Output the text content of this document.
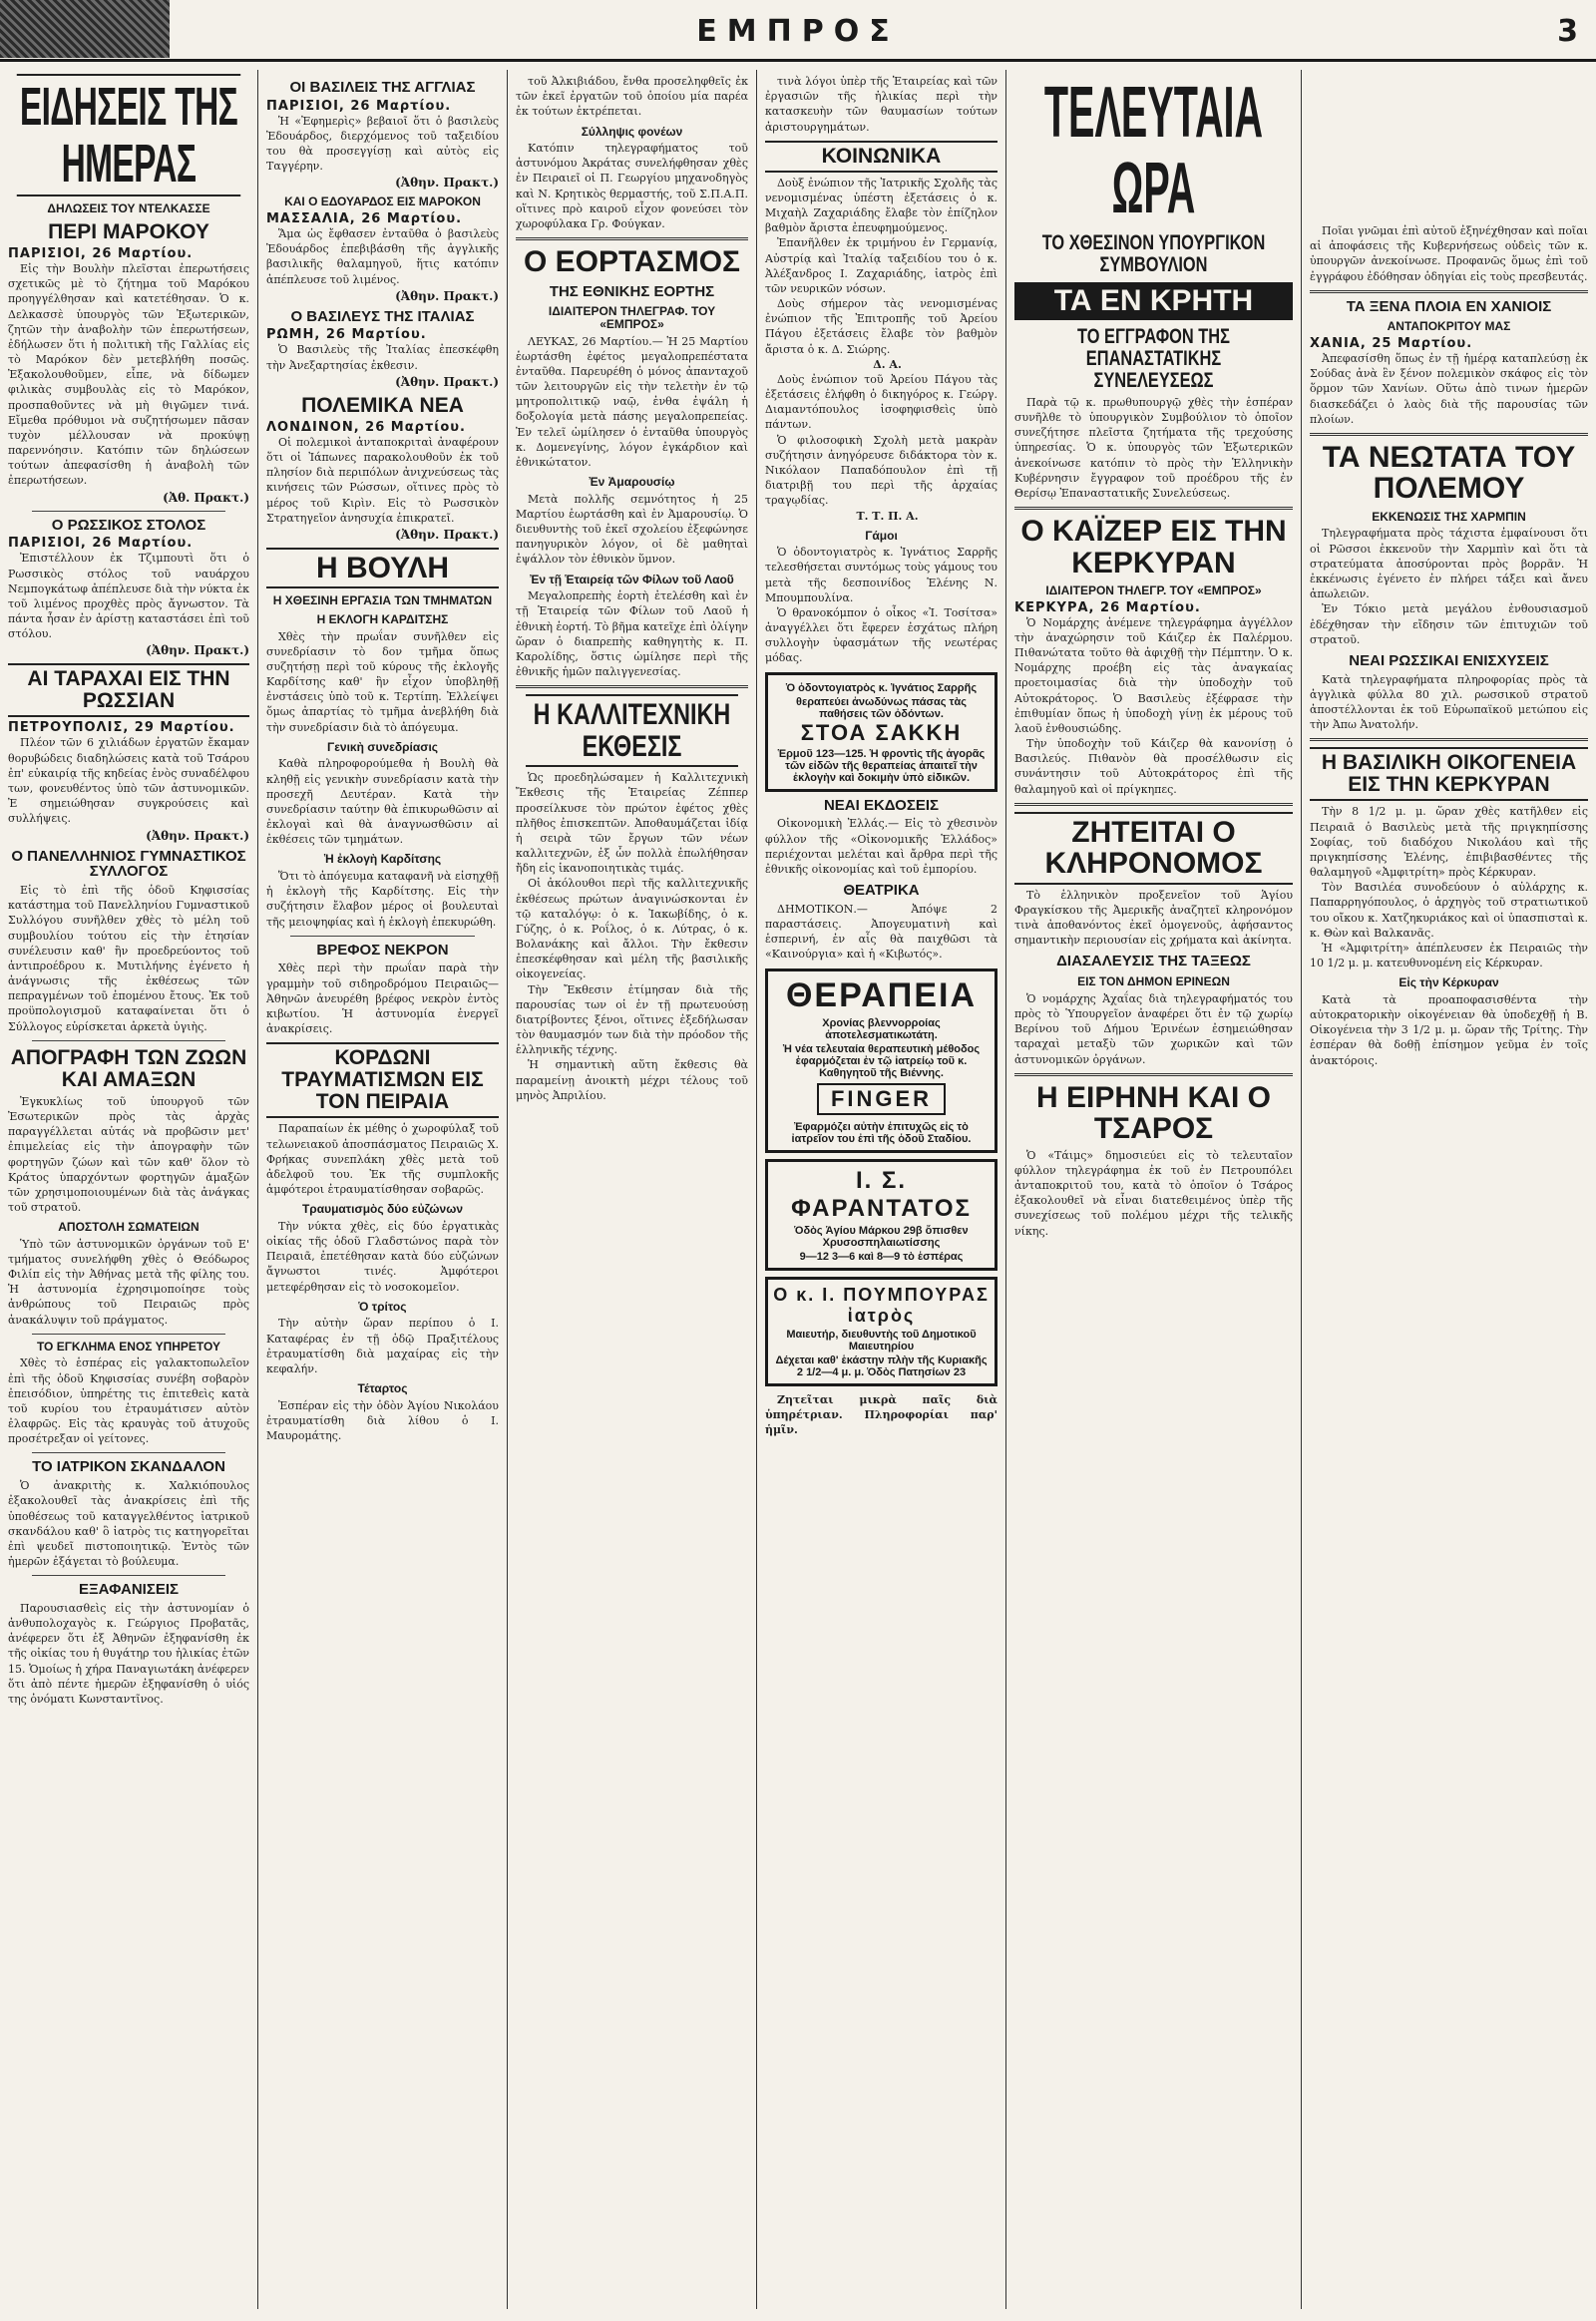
ΕΜΠΡΟΣ	3
ΕΙΔΗΣΕΙΣ ΤΗΣ ΗΜΕΡΑΣ
ΔΗΛΩΣΕΙΣ ΤΟΥ ΝΤΕΛΚΑΣΣΕ
ΠΕΡΙ ΜΑΡΟΚΟΥ
ΠΑΡΙΣΙΟΙ, 26 Μαρτίου.

Εἰς τὴν Βουλὴν πλεῖσται ἐπερωτήσεις σχετικῶς μὲ τὸ ζήτημα τοῦ Μαρόκου προηγγέλθησαν καὶ κατετέθησαν. Ὁ κ. Δελκασσὲ ὑπουργὸς τῶν Ἐξωτερικῶν, ζητῶν τὴν ἀναβολὴν τῶν ἐπερωτήσεων, ἐδήλωσεν ὅτι ἡ πολιτικὴ τῆς Γαλλίας εἰς τὸ Μαρόκον δὲν μετεβλήθη ποσῶς. Ἐξακολουθοῦμεν, εἶπε, νὰ δίδωμεν φιλικὰς συμβουλὰς εἰς τὸ Μαρόκον, προσπαθοῦντες νὰ μὴ θιγῶμεν τινά. Εἴμεθα πρόθυμοι νὰ συζητήσωμεν πᾶσαν τυχὸν μέλλουσαν νὰ προκύψῃ παρεννόησιν. Κατόπιν τῶν δηλώσεων τούτων ἀπεφασίσθη ἡ ἀναβολὴ τῶν ἐπερωτήσεων.

(Ἀθ. Πρακτ.)
Ο ΡΩΣΣΙΚΟΣ ΣΤΟΛΟΣ
ΠΑΡΙΣΙΟΙ, 26 Μαρτίου.

Ἐπιστέλλουν ἐκ Τζιμπουτὶ ὅτι ὁ Ρωσσικὸς στόλος τοῦ ναυάρχου Νεμπογκάτωφ ἀπέπλευσε διὰ τὴν νύκτα ἐκ τοῦ λιμένος προχθὲς πρὸς ἄγνωστον. Τὰ πάντα ἦσαν ἐν ἀρίστῃ καταστάσει ἐπὶ τοῦ στόλου.

(Ἀθην. Πρακτ.)
ΑΙ ΤΑΡΑΧΑΙ ΕΙΣ ΤΗΝ ΡΩΣΣΙΑΝ
ΠΕΤΡΟΥΠΟΛΙΣ, 29 Μαρτίου.

Πλέον τῶν 6 χιλιάδων ἐργατῶν ἔκαμαν θορυβώδεις διαδηλώσεις κατὰ τοῦ Τσάρου ἐπ' εὐκαιρίᾳ τῆς κηδείας ἑνὸς συναδέλφου των, φονευθέντος ὑπὸ τῶν ἀστυνομικῶν. Ἐ σημειώθησαν συγκρούσεις καὶ συλλήψεις.

(Ἀθην. Πρακτ.)
Ο ΠΑΝΕΛΛΗΝΙΟΣ ΓΥΜΝΑΣΤΙΚΟΣ ΣΥΛΛΟΓΟΣ

Εἰς τὸ ἐπὶ τῆς ὁδοῦ Κηφισσίας κατάστημα τοῦ Πανελληνίου Γυμναστικοῦ Συλλόγου συνῆλθεν χθὲς τὸ μέλη τοῦ συμβουλίου τούτου εἰς τὴν ἐτησίαν συνέλευσιν καθ' ἣν προεδρεύοντος τοῦ ἀντιπροέδρου κ. Μυτιλήνης ἐγένετο ἡ ἀνάγνωσις τῆς ἐκθέσεως τῶν πεπραγμένων τοῦ ἐπομένου ἔτους. Ἐκ τοῦ προϋπολογισμοῦ καταφαίνεται ὅτι ὁ Σύλλογος εὑρίσκεται ἀρκετὰ ὑγιὴς.

ΑΠΟΓΡΑΦΗ ΤΩΝ ΖΩΩΝ ΚΑΙ ΑΜΑΞΩΝ

Ἐγκυκλίως τοῦ ὑπουργοῦ τῶν Ἐσωτερικῶν πρὸς τὰς ἀρχὰς παραγγέλλεται αὐτάς νὰ προβῶσιν μετ' ἐπιμελείας εἰς τὴν ἀπογραφὴν τῶν φορτηγῶν ζώων καὶ τῶν καθ' ὅλον τὸ Κράτος ὑπαρχόντων φορτηγῶν ἁμαξῶν τῶν χρησιμοποιουμένων διὰ τὰς ἀνάγκας τοῦ στρατοῦ.

ΑΠΟΣΤΟΛΗ ΣΩΜΑΤΕΙΩΝ

Ὑπὸ τῶν ἀστυνομικῶν ὀργάνων τοῦ Ε' τμήματος συνελήφθη χθὲς ὁ Θεόδωρος Φιλίπ εἰς τὴν Ἀθήνας μετὰ τῆς φίλης του. Ἡ ἀστυνομία ἐχρησιμοποίησε τοὺς ἀνθρώπους τοῦ Πειραιῶς πρὸς ἀνακάλυψιν τοῦ πράγματος.

ΤΟ ΕΓΚΛΗΜΑ ΕΝΟΣ ΥΠΗΡΕΤΟΥ

Χθὲς τὸ ἑσπέρας εἰς γαλακτοπωλεῖον ἐπὶ τῆς ὁδοῦ Κηφισσίας συνέβη σοβαρὸν ἐπεισόδιον, ὑπηρέτης τις ἐπιτεθεὶς κατὰ τοῦ κυρίου του ἐτραυμάτισεν αὐτὸν ἐλαφρῶς. Εἰς τὰς κραυγὰς τοῦ ἀτυχοῦς προσέτρεξαν οἱ γείτονες.

ΤΟ ΙΑΤΡΙΚΟΝ ΣΚΑΝΔΑΛΟΝ

Ὁ ἀνακριτὴς κ. Χαλκιόπουλος ἐξακολουθεῖ τὰς ἀνακρίσεις ἐπὶ τῆς ὑποθέσεως τοῦ καταγγελθέντος ἰατρικοῦ σκανδάλου καθ' ὃ ἰατρὸς τις κατηγορεῖται ἐπὶ ψευδεῖ πιστοποιητικῷ. Ἐντὸς τῶν ἡμερῶν ἐξάγεται τὸ βούλευμα.

ΕΞΑΦΑΝΙΣΕΙΣ

Παρουσιασθεὶς εἰς τὴν ἀστυνομίαν ὁ ἀνθυπολοχαγὸς κ. Γεώργιος Προβατᾶς, ἀνέφερεν ὅτι ἐξ Ἀθηνῶν ἐξηφανίσθη ἐκ τῆς οἰκίας του ἡ θυγάτηρ του ἡλικίας ἐτῶν 15. Ὁμοίως ἡ χήρα Παναγιωτάκη ἀνέφερεν ὅτι ἀπὸ πέντε ἡμερῶν ἐξηφανίσθη ὁ υἱός της ὀνόματι Κωνσταντῖνος.

ΟΙ ΒΑΣΙΛΕΙΣ ΤΗΣ ΑΓΓΛΙΑΣ
ΠΑΡΙΣΙΟΙ, 26 Μαρτίου.

Ἡ «Ἐφημερὶς» βεβαιοῖ ὅτι ὁ βασιλεὺς Ἐδουάρδος, διερχόμενος τοῦ ταξειδίου του θὰ προσεγγίσῃ καὶ αὐτὸς εἰς Ταγγέρην.

(Ἀθην. Πρακτ.)
ΚΑΙ Ο ΕΔΟΥΑΡΔΟΣ ΕΙΣ ΜΑΡΟΚΟΝ
ΜΑΣΣΑΛΙΑ, 26 Μαρτίου.

Ἅμα ὡς ἔφθασεν ἐνταῦθα ὁ βασιλεὺς Ἐδουάρδος ἐπεβιβάσθη τῆς ἀγγλικῆς βασιλικῆς θαλαμηγοῦ, ἥτις κατόπιν ἀπέπλευσε τοῦ λιμένος.

(Ἀθην. Πρακτ.)
Ο ΒΑΣΙΛΕΥΣ ΤΗΣ ΙΤΑΛΙΑΣ
ΡΩΜΗ, 26 Μαρτίου.

Ὁ Βασιλεὺς τῆς Ἰταλίας ἐπεσκέφθη τὴν Ἀνεξαρτησίας ἐκθεσιν.

(Ἀθην. Πρακτ.)
ΠΟΛΕΜΙΚΑ ΝΕΑ
ΛΟΝΔΙΝΟΝ, 26 Μαρτίου.

Οἱ πολεμικοὶ ἀνταποκριταὶ ἀναφέρουν ὅτι οἱ Ἰάπωνες παρακολουθοῦν ἐκ τοῦ πλησίον διὰ περιπόλων ἀνιχνεύσεως τὰς κινήσεις τῶν Ρώσσων, οἵτινες πρὸς τὸ μέρος τοῦ Κιρὶν. Εἰς τὸ Ρωσσικὸν Στρατηγεῖον ἀνησυχία ἐπικρατεῖ.

(Ἀθην. Πρακτ.)
Η ΒΟΥΛΗ
Η ΧΘΕΣΙΝΗ ΕΡΓΑΣΙΑ ΤΩΝ ΤΜΗΜΑΤΩΝ
Η ΕΚΛΟΓΗ ΚΑΡΔΙΤΣΗΣ

Χθὲς τὴν πρωΐαν συνῆλθεν εἰς συνεδρίασιν τὸ δον τμῆμα ὅπως συζητήσῃ περὶ τοῦ κύρους τῆς ἐκλογῆς Καρδίτσης καθ' ἣν εἶχον ὑποβληθῇ ἐνστάσεις ὑπὸ τοῦ κ. Τερτίπη. Ἐλλείψει ὅμως ἀπαρτίας τὸ τμῆμα ἀνεβλήθη διὰ τὴν συνεδρίασιν διὰ τὸ ἀπόγευμα.

Γενικὴ συνεδρίασις

Καθὰ πληροφορούμεθα ἡ Βουλὴ θὰ κληθῇ εἰς γενικὴν συνεδρίασιν κατὰ τὴν προσεχῆ Δευτέραν. Κατὰ τὴν συνεδρίασιν ταύτην θὰ ἐπικυρωθῶσιν αἱ ἐκλογαὶ καὶ θὰ ἀναγνωσθῶσιν αἱ ἐκθέσεις τῶν τμημάτων.

Ἡ ἐκλογὴ Καρδίτσης

Ὅτι τὸ ἀπόγευμα καταφανῆ νὰ εἰσηχθῇ ἡ ἐκλογὴ τῆς Καρδίτσης. Εἰς τὴν συζήτησιν ἔλαβον μέρος οἱ βουλευταὶ τῆς μειοψηφίας καὶ ἡ ἐκλογὴ ἐπεκυρώθη.

ΒΡΕΦΟΣ ΝΕΚΡΟΝ

Χθὲς περὶ τὴν πρωΐαν παρὰ τὴν γραμμὴν τοῦ σιδηροδρόμου Πειραιῶς—Ἀθηνῶν ἀνευρέθη βρέφος νεκρὸν ἐντὸς κιβωτίου. Ἡ ἀστυνομία ἐνεργεῖ ἀνακρίσεις.

ΚΟΡΔΩΝΙ ΤΡΑΥΜΑΤΙΣΜΩΝ ΕΙΣ ΤΟΝ ΠΕΙΡΑΙΑ

Παραπαίων ἐκ μέθης ὁ χωροφύλαξ τοῦ τελωνειακοῦ ἀποσπάσματος Πειραιῶς Χ. Φρήκας συνεπλάκη χθὲς μετὰ τοῦ ἀδελφοῦ του. Ἐκ τῆς συμπλοκῆς ἀμφότεροι ἐτραυματίσθησαν σοβαρῶς.

Τραυματισμὸς δύο εὐζώνων

Τὴν νύκτα χθὲς, εἰς δύο ἐργατικὰς οἰκίας τῆς ὁδοῦ Γλαδστώνος παρὰ τὸν Πειραιᾶ, ἐπετέθησαν κατὰ δύο εὐζώνων ἄγνωστοι τινές. Ἀμφότεροι μετεφέρθησαν εἰς τὸ νοσοκομεῖον.

Ὁ τρίτος

Τὴν αὐτὴν ὥραν περίπου ὁ Ι. Καταφέρας ἐν τῇ ὁδῷ Πραξιτέλους ἐτραυματίσθη διὰ μαχαίρας εἰς τὴν κεφαλήν.

Τέταρτος

Ἐσπέραν εἰς τὴν ὁδὸν Ἀγίου Νικολάου ἐτραυματίσθη διὰ λίθου ὁ Ι. Μαυρομάτης.

τοῦ Ἀλκιβιάδου, ἔνθα προσεληφθεῖς ἐκ τῶν ἐκεῖ ἐργατῶν τοῦ ὁποίου μία παρέα ἐκ τούτων ἐκτρέπεται.

Σύλληψις φονέων

Κατόπιν τηλεγραφήματος τοῦ ἀστυνόμου Ἀκράτας συνελήφθησαν χθὲς ἐν Πειραιεῖ οἱ Π. Γεωργίου μηχανοδηγὸς καὶ Ν. Κρητικὸς θερμαστής, τοῦ Σ.Π.Α.Π. οἵτινες πρὸ καιροῦ εἶχον φονεύσει τὸν χωροφύλακα Γρ. Φούγκαν.

Ο ΕΟΡΤΑΣΜΟΣ
ΤΗΣ ΕΘΝΙΚΗΣ ΕΟΡΤΗΣ
ΙΔΙΑΙΤΕΡΟΝ ΤΗΛΕΓΡΑΦ. ΤΟΥ «ΕΜΠΡΟΣ»

ΛΕΥΚΑΣ, 26 Μαρτίου.— Ἡ 25 Μαρτίου ἑωρτάσθη ἐφέτος μεγαλοπρεπέστατα ἐνταῦθα. Παρευρέθη ὁ μόνος ἀπανταχοῦ τῶν λειτουργῶν εἰς τὴν τελετὴν ἐν τῷ μητροπολιτικῷ ναῷ, ἐνθα ἐψάλη ἡ δοξολογία μετὰ πάσης μεγαλοπρεπείας. Ἐν τελεῖ ὡμίλησεν ὁ ἐνταῦθα ὑπουργὸς κ. Δομενεγίνης, λόγον ἐγκάρδιον καὶ ἐθνικώτατον.

Ἐν Ἀμαρουσίῳ

Μετὰ πολλῆς σεμνότητος ἡ 25 Μαρτίου ἑωρτάσθη καὶ ἐν Ἀμαρουσίῳ. Ὁ διευθυντὴς τοῦ ἐκεῖ σχολείου ἐξεφώνησε πανηγυρικὸν λόγον, οἱ δὲ μαθηταὶ ἐψάλλον τὸν ἐθνικὸν ὕμνον.

Ἐν τῇ Ἑταιρείᾳ τῶν Φίλων τοῦ Λαοῦ

Μεγαλοπρεπὴς ἑορτὴ ἐτελέσθη καὶ ἐν τῇ Ἑταιρείᾳ τῶν Φίλων τοῦ Λαοῦ ἡ ἐθνικὴ ἑορτή. Τὸ βῆμα κατεῖχε ἐπὶ ὀλίγην ὥραν ὁ διαπρεπὴς καθηγητὴς κ. Π. Καρολίδης, ὅστις ὡμίλησε περὶ τῆς ἐθνικῆς ἡμῶν παλιγγενεσίας.

Η ΚΑΛΛΙΤΕΧΝΙΚΗ ΕΚΘΕΣΙΣ

Ὡς προεδηλώσαμεν ἡ Καλλιτεχνικὴ Ἔκθεσις τῆς Ἑταιρείας Ζέππερ προσείλκυσε τὸν πρώτον ἐφέτος χθὲς πλῆθος ἐπισκεπτῶν. Ἀποθαυμάζεται ἰδίᾳ ἡ σειρὰ τῶν ἔργων τῶν νέων καλλιτεχνῶν, ἐξ ὧν πολλὰ ἐπωλήθησαν ἤδη εἰς ἱκανοποιητικὰς τιμάς.

Οἱ ἀκόλουθοι περὶ τῆς καλλιτεχνικῆς ἐκθέσεως πρώτων ἀναγινώσκονται ἐν τῷ καταλόγῳ: ὁ κ. Ἰακωβίδης, ὁ κ. Γύζης, ὁ κ. Ροΐλος, ὁ κ. Λύτρας, ὁ κ. Βολανάκης καὶ ἄλλοι. Τὴν ἔκθεσιν ἐπεσκέφθησαν καὶ μέλη τῆς βασιλικῆς οἰκογενείας.

Τὴν Ἔκθεσιν ἐτίμησαν διὰ τῆς παρουσίας των οἱ ἐν τῇ πρωτευούσῃ διατρίβοντες ξένοι, οἵτινες ἐξεδήλωσαν τὸν θαυμασμόν των διὰ τὴν πρόοδον τῆς ἑλληνικῆς τέχνης.

Ἡ σημαντικὴ αὕτη ἔκθεσις θὰ παραμείνῃ ἀνοικτὴ μέχρι τέλους τοῦ μηνὸς Ἀπριλίου.

τινὰ λόγοι ὑπὲρ τῆς Ἑταιρείας καὶ τῶν ἐργασιῶν τῆς ἡλικίας περὶ τὴν κατασκευὴν τῶν θαυμασίων τούτων ἀριστουργημάτων.

ΚΟΙΝΩΝΙΚΑ

Δοὺξ ἐνώπιον τῆς Ἰατρικῆς Σχολῆς τὰς νενομισμένας ὑπέστη ἐξετάσεις ὁ κ. Μιχαὴλ Ζαχαριάδης ἔλαβε τὸν ἐπίζηλον βαθμὸν ἄριστα ἐπευφημούμενος.

Ἐπανῆλθεν ἐκ τριμήνου ἐν Γερμανίᾳ, Αὐστρίᾳ καὶ Ἰταλίᾳ ταξειδίου του ὁ κ. Ἀλέξανδρος Ι. Ζαχαριάδης, ἰατρὸς ἐπὶ τῶν νευρικῶν νόσων.

Δοὺς σήμερον τὰς νενομισμένας ἐνώπιον τῆς Ἐπιτροπῆς τοῦ Ἀρείου Πάγου ἐξετάσεις ἔλαβε τὸν βαθμὸν ἄριστα ὁ κ. Δ. Σιώρης.

Δ. Α.

Δοὺς ἐνώπιον τοῦ Ἀρείου Πάγου τὰς ἐξετάσεις ἐλήφθη ὁ δικηγόρος κ. Γεώργ. Διαμαντόπουλος ἰσοφηφισθεὶς ὑπὸ πάντων.

Ὁ φιλοσοφικὴ Σχολὴ μετὰ μακρὰν συζήτησιν ἀνηγόρευσε διδάκτορα τὸν κ. Νικόλαον Παπαδόπουλον ἐπὶ τῇ διατριβῇ του περὶ τῆς ἀρχαίας τραγῳδίας.

Τ. Τ. Π. Α.
Γάμοι

Ὁ ὀδοντογιατρὸς κ. Ἰγνάτιος Σαρρῆς τελεσθήσεται συντόμως τοὺς γάμους του μετὰ τῆς δεσποινίδος Ἑλένης Ν. Μπουμπουλίνα.

Ὁ θρανοκόμπον ὁ οἶκος «Ἰ. Τοσίτσα» ἀναγγέλλει ὅτι ἔφερεν ἐσχάτως πλήρη συλλογὴν ὑφασμάτων τῆς νεωτέρας μόδας.

Ὁ ὀδοντογιατρὸς κ. Ἰγνάτιος Σαρρῆς
θεραπεύει ἀνωδύνως πάσας τὰς παθήσεις τῶν ὀδόντων.
ΣΤΟΑ ΣΑΚΚΗ
Ἑρμοῦ 123—125. Ἡ φροντὶς τῆς ἀγορᾶς τῶν εἰδῶν τῆς θεραπείας ἀπαιτεῖ τὴν ἐκλογὴν καὶ δοκιμὴν ὑπὸ εἰδικῶν.
ΝΕΑΙ ΕΚΔΟΣΕΙΣ

Οἰκονομικὴ Ἐλλάς.— Εἰς τὸ χθεσινὸν φύλλον τῆς «Οἰκονομικῆς Ἑλλάδος» περιέχονται μελέται καὶ ἄρθρα περὶ τῆς ἐθνικῆς οἰκονομίας καὶ τοῦ ἐμπορίου.

ΘΕΑΤΡΙΚΑ

ΔΗΜΟΤΙΚΟΝ.— Ἀπόψε 2 παραστάσεις. Ἀπογευματινὴ καὶ ἑσπερινή, ἐν αἷς θὰ παιχθῶσι τὰ «Καινούργια» καὶ ἡ «Κιβωτός».

ΘΕΡΑΠΕΙΑ
Χρονίας βλεννορροίας ἀποτελεσματικωτάτη.
Ἡ νέα τελευταία θεραπευτικὴ μέθοδος ἐφαρμόζεται ἐν τῷ ἰατρείῳ τοῦ κ. Καθηγητοῦ τῆς Βιέννης.
FINGER
Ἐφαρμόζει αὐτὴν ἐπιτυχῶς εἰς τὸ ἰατρεῖον του ἐπὶ τῆς ὁδοῦ Σταδίου.
Ι. Σ. ΦΑΡΑΝΤΑΤΟΣ
Ὁδὸς Ἁγίου Μάρκου 29β ὄπισθεν Χρυσοσπηλαιωτίσσης
9—12 3—6 καὶ 8—9 τὸ ἑσπέρας
Ο κ. Ι. ΠΟΥΜΠΟΥΡΑΣ ἰατρὸς
Μαιευτήρ, διευθυντὴς τοῦ Δημοτικοῦ Μαιευτηρίου
Δέχεται καθ' ἑκάστην πλὴν τῆς Κυριακῆς 2 1/2—4 μ. μ. Ὁδὸς Πατησίων 23

Ζητεῖται μικρὰ παῖς διὰ ὑπηρέτριαν. Πληροφορίαι παρ' ἡμῖν.

ΤΕΛΕΥΤΑΙΑ ΩΡΑ
ΤΟ ΧΘΕΣΙΝΟΝ ΥΠΟΥΡΓΙΚΟΝ ΣΥΜΒΟΥΛΙΟΝ
ΤΑ ΕΝ ΚΡΗΤΗ
ΤΟ ΕΓΓΡΑΦΟΝ ΤΗΣ ΕΠΑΝΑΣΤΑΤΙΚΗΣ ΣΥΝΕΛΕΥΣΕΩΣ

Παρὰ τῷ κ. πρωθυπουργῷ χθὲς τὴν ἑσπέραν συνῆλθε τὸ ὑπουργικὸν Συμβούλιον τὸ ὁποῖον συνεζήτησε πλεῖστα ζητήματα τῆς τρεχούσης ὑπηρεσίας. Ὁ κ. ὑπουργὸς τῶν Ἐξωτερικῶν ἀνεκοίνωσε κατόπιν τὸ πρὸς τὴν Ἑλληνικὴν Κυβέρνησιν ἔγγραφον τοῦ προέδρου τῆς ἐν Θερίσῳ Ἐπαναστατικῆς Συνελεύσεως.

Ο ΚΑΪΖΕΡ ΕΙΣ ΤΗΝ ΚΕΡΚΥΡΑΝ
ΙΔΙΑΙΤΕΡΟΝ ΤΗΛΕΓΡ. ΤΟΥ «ΕΜΠΡΟΣ»
ΚΕΡΚΥΡΑ, 26 Μαρτίου.

Ὁ Νομάρχης ἀνέμενε τηλεγράφημα ἀγγέλλον τὴν ἀναχώρησιν τοῦ Κάιζερ ἐκ Παλέρμου. Πιθανώτατα τοῦτο θὰ ἀφιχθῇ τὴν Πέμπτην. Ὁ κ. Νομάρχης προέβη εἰς τὰς ἀναγκαίας προετοιμασίας διὰ τὴν ὑποδοχὴν τοῦ Αὐτοκράτορος. Ὁ Βασιλεὺς ἐξέφρασε τὴν ἐπιθυμίαν ὅπως ἡ ὑποδοχὴ γίνῃ ἐκ μέρους τοῦ λαοῦ ἐνθουσιώδης.

Τὴν ὑποδοχὴν τοῦ Κάιζερ θὰ κανονίσῃ ὁ Βασιλεύς. Πιθανὸν θὰ προσέλθωσιν εἰς συνάντησιν τοῦ Αὐτοκράτορος ἐπὶ τῆς θαλαμηγοῦ καὶ οἱ πρίγκηπες.

ΖΗΤΕΙΤΑΙ Ο ΚΛΗΡΟΝΟΜΟΣ

Τὸ ἑλληνικὸν προξενεῖον τοῦ Ἁγίου Φραγκίσκου τῆς Ἀμερικῆς ἀναζητεῖ κληρονόμον τινὰ ἀποθανόντος ἐκεῖ ὁμογενοῦς, ἀφήσαντος σημαντικὴν περιουσίαν εἰς χρήματα καὶ ἀκίνητα.

ΔΙΑΣΑΛΕΥΣΙΣ ΤΗΣ ΤΑΞΕΩΣ
ΕΙΣ ΤΟΝ ΔΗΜΟΝ ΕΡΙΝΕΩΝ

Ὁ νομάρχης Ἀχαΐας διὰ τηλεγραφήματός του πρὸς τὸ Ὑπουργεῖον ἀναφέρει ὅτι ἐν τῷ χωρίῳ Βερίνου τοῦ Δήμου Ἐρινέων ἐσημειώθησαν ταραχαὶ μεταξὺ τῶν χωρικῶν καὶ τῶν ἀστυνομικῶν ὀργάνων.

Η ΕΙΡΗΝΗ ΚΑΙ Ο ΤΣΑΡΟΣ

Ὁ «Τάιμς» δημοσιεύει εἰς τὸ τελευταῖον φύλλον τηλεγράφημα ἐκ τοῦ ἐν Πετρουπόλει ἀνταποκριτοῦ του, κατὰ τὸ ὁποῖον ὁ Τσάρος ἐξακολουθεῖ νὰ εἶναι διατεθειμένος ὑπὲρ τῆς συνεχίσεως τοῦ πολέμου μέχρι τῆς τελικῆς νίκης.

Ποῖαι γνῶμαι ἐπὶ αὐτοῦ ἐξηνέχθησαν καὶ ποῖαι αἱ ἀποφάσεις τῆς Κυβερνήσεως οὐδεὶς τῶν κ. ὑπουργῶν ἀνεκοίνωσε. Προφανῶς ὅμως ἐπὶ τοῦ ἐγγράφου ἐδόθησαν ὁδηγίαι εἰς τοὺς πρεσβευτάς.

ΤΑ ΞΕΝΑ ΠΛΟΙΑ ΕΝ ΧΑΝΙΟΙΣ
ΑΝΤΑΠΟΚΡΙΤΟΥ ΜΑΣ
ΧΑΝΙΑ, 25 Μαρτίου.

Ἀπεφασίσθη ὅπως ἐν τῇ ἡμέρᾳ καταπλεύσῃ ἐκ Σούδας ἀνὰ ἓν ξένον πολεμικὸν σκάφος εἰς τὸν ὅρμον τῶν Χανίων. Οὕτω ἀπὸ τινων ἡμερῶν διασκεδάζει ὁ λαὸς διὰ τῆς παρουσίας τῶν πλοίων.

ΤΑ ΝΕΩΤΑΤΑ ΤΟΥ ΠΟΛΕΜΟΥ
ΕΚΚΕΝΩΣΙΣ ΤΗΣ ΧΑΡΜΠΙΝ

Τηλεγραφήματα πρὸς τάχιστα ἐμφαίνουσι ὅτι οἱ Ρῶσσοι ἐκκενοῦν τὴν Χαρμπὶν καὶ ὅτι τὰ στρατεύματα ἀποσύρονται πρὸς βορρᾶν. Ἡ ἐκκένωσις ἐγένετο ἐν πλήρει τάξει καὶ ἄνευ ἀπωλειῶν.

Ἐν Τόκιο μετὰ μεγάλου ἐνθουσιασμοῦ ἐδέχθησαν τὴν εἴδησιν τῶν ἐπιτυχιῶν τοῦ στρατοῦ.

ΝΕΑΙ ΡΩΣΣΙΚΑΙ ΕΝΙΣΧΥΣΕΙΣ

Κατὰ τηλεγραφήματα πληροφορίας πρὸς τὰ ἀγγλικὰ φύλλα 80 χιλ. ρωσσικοῦ στρατοῦ ἀποστέλλονται ἐκ τοῦ Εὐρωπαϊκοῦ μετώπου εἰς τὴν Ἀπω Ἀνατολήν.

Η ΒΑΣΙΛΙΚΗ ΟΙΚΟΓΕΝΕΙΑ ΕΙΣ ΤΗΝ ΚΕΡΚΥΡΑΝ

Τὴν 8 1/2 μ. μ. ὥραν χθὲς κατῆλθεν εἰς Πειραιᾶ ὁ Βασιλεὺς μετὰ τῆς πριγκηπίσσης Σοφίας, τοῦ διαδόχου Νικολάου καὶ τῆς πριγκηπίσσης Ἑλένης, ἐπιβιβασθέντες τῆς θαλαμηγοῦ «Ἀμφιτρίτη» πρὸς Κέρκυραν.

Τὸν Βασιλέα συνοδεύουν ὁ αὐλάρχης κ. Παπαρρηγόπουλος, ὁ ἀρχηγὸς τοῦ στρατιωτικοῦ του οἴκου κ. Χατζηκυριάκος καὶ οἱ ὑπασπισταὶ κ. κ. Θὼν καὶ Βαλκανᾶς.

Ἡ «Ἀμφιτρίτη» ἀπέπλευσεν ἐκ Πειραιῶς τὴν 10 1/2 μ. μ. κατευθυνομένη εἰς Κέρκυραν.

Εἰς τὴν Κέρκυραν

Κατὰ τὰ προαποφασισθέντα τὴν αὐτοκρατορικὴν οἰκογένειαν θὰ ὑποδεχθῇ ἡ Β. Οἰκογένεια τὴν 3 1/2 μ. μ. ὥραν τῆς Τρίτης. Τὴν ἑσπέραν θὰ δοθῇ ἐπίσημον γεῦμα ἐν τοῖς ἀνακτόροις.
